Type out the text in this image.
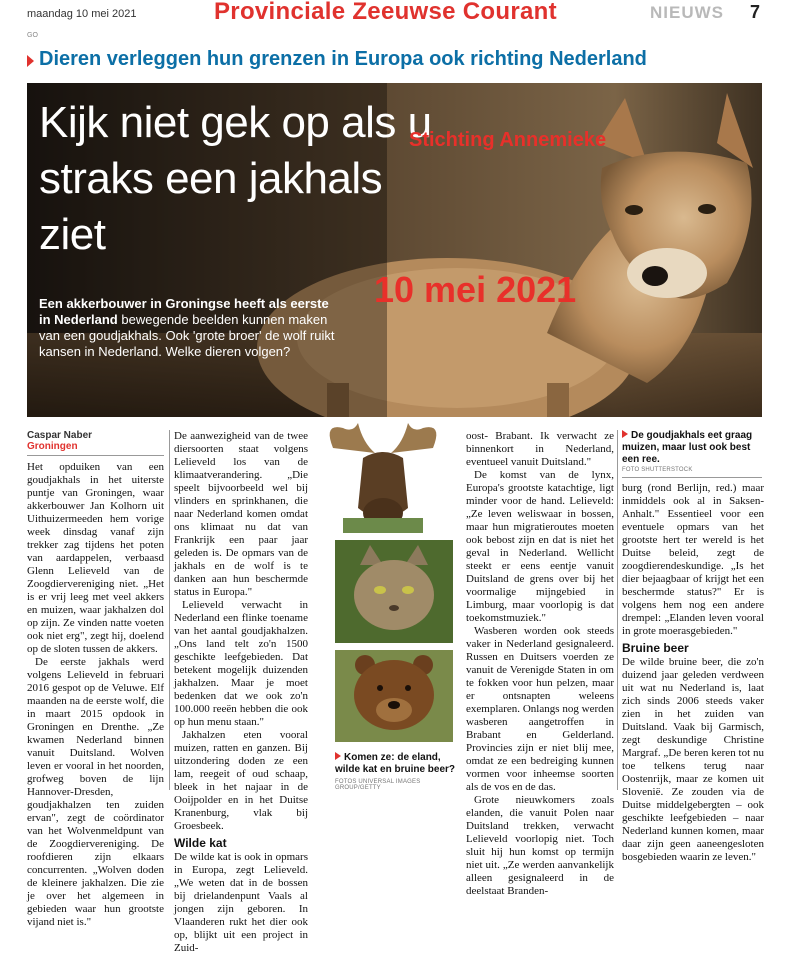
maandag 10 mei 2021	Provinciale Zeeuwse Courant	NIEUWS 7
GO
Dieren verleggen hun grenzen in Europa ook richting Nederland
Kijk niet gek op als u straks een jakhals ziet
Een akkerbouwer in Groningse heeft als eerste in Nederland bewegende beelden kunnen maken van een goudjakhals. Ook 'grote broer' de wolf ruikt kansen in Nederland. Welke dieren volgen?
Stichting Annemieke
10 mei 2021
Caspar Naber
Groningen

Het opduiken van een goudjakhals in het uiterste puntje van Groningen, waar akkerbouwer Jan Kolhorn uit Uithuizermeeden hem vorige week dinsdag vanaf zijn trekker zag tijdens het poten van aardappelen, verbaasd Glenn Lelieveld van de Zoogdiervereniging niet. „Het is er vrij leeg met veel akkers en muizen, waar jakhalzen dol op zijn. Ze vinden natte voeten ook niet erg", zegt hij, doelend op de sloten tussen de akkers.

De eerste jakhals werd volgens Lelieveld in februari 2016 gespot op de Veluwe. Elf maanden na de eerste wolf, die in maart 2015 opdook in Groningen en Drenthe. „Ze kwamen Nederland binnen vanuit Duitsland. Wolven leven er vooral in het noorden, grofweg boven de lijn Hannover-Dresden, goudjakhalzen ten zuiden ervan", zegt de coördinator van het Wolvenmeldpunt van de Zoogdiervereniging. De roofdieren zijn elkaars concurrenten. „Wolven doden de kleinere jakhalzen. Die zie je over het algemeen in gebieden waar hun grootste vijand niet is."

De aanwezigheid van de twee diersoorten staat volgens Lelieveld los van de klimaatverandering. „Die speelt bijvoorbeeld wel bij vlinders en sprinkhanen, die naar Nederland komen omdat ons klimaat nu dat van Frankrijk een paar jaar geleden is. De opmars van de jakhals en de wolf is te danken aan hun beschermde status in Europa."

Lelieveld verwacht in Nederland een flinke toename van het aantal goudjakhalzen. „Ons land telt zo'n 1500 geschikte leefgebieden. Dat betekent mogelijk duizenden jakhalzen. Maar je moet bedenken dat we ook zo'n 100.000 reeën hebben die ook op hun menu staan."

Jakhalzen eten vooral muizen, ratten en ganzen. Bij uitzondering doden ze een lam, reegeit of oud schaap, bleek in het najaar in de Ooijpolder en in het Duitse Kranenburg, vlak bij Groesbeek.

Wilde kat

De wilde kat is ook in opmars in Europa, zegt Lelieveld. „We weten dat in de bossen bij drielandenpunt Vaals al jongen zijn geboren. In Vlaanderen rukt het dier ook op, blijkt uit een project in Zuid-

Komen ze: de eland, wilde kat en bruine beer?
FOTOS UNIVERSAL IMAGES GROUP/GETTY

oost- Brabant. Ik verwacht ze binnenkort in Nederland, eventueel vanuit Duitsland."

De komst van de lynx, Europa's grootste katachtige, ligt minder voor de hand. Lelieveld: „Ze leven weliswaar in bossen, maar hun migratieroutes moeten ook bebost zijn en dat is niet het geval in Nederland. Wellicht steekt er eens eentje vanuit Duitsland de grens over bij het voormalige mijngebied in Limburg, maar voorlopig is dat toekomstmuziek."

Wasberen worden ook steeds vaker in Nederland gesignaleerd. Russen en Duitsers voerden ze vanuit de Verenigde Staten in om te fokken voor hun pelzen, maar er ontsnapten weleens exemplaren. Onlangs nog werden wasberen aangetroffen in Brabant en Gelderland. Provincies zijn er niet blij mee, omdat ze een bedreiging kunnen vormen voor inheemse soorten als de vos en de das.

Grote nieuwkomers zoals elanden, die vanuit Polen naar Duitsland trekken, verwacht Lelieveld voorlopig niet. Toch sluit hij hun komst op termijn niet uit. „Ze werden aanvankelijk alleen gesignaleerd in de deelstaat Branden-

De goudjakhals eet graag muizen, maar lust ook best een ree.
FOTO SHUTTERSTOCK

burg (rond Berlijn, red.) maar inmiddels ook al in Saksen-Anhalt." Essentieel voor een eventuele opmars van het grootste hert ter wereld is het Duitse beleid, zegt de zoogdierendeskundige. „Is het dier bejaagbaar of krijgt het een beschermde status?" Er is volgens hem nog een andere drempel: „Elanden leven vooral in grote moerasgebieden."

Bruine beer

De wilde bruine beer, die zo'n duizend jaar geleden verdween uit wat nu Nederland is, laat zich sinds 2006 steeds vaker zien in het zuiden van Duitsland. Vaak bij Garmisch, zegt deskundige Christine Margraf. „De beren keren tot nu toe telkens terug naar Oostenrijk, maar ze komen uit Slovenië. Ze zouden via de Duitse middelgebergten – ook geschikte leefgebieden – naar Nederland kunnen komen, maar daar zijn geen aaneengesloten bosgebieden waarin ze leven."
